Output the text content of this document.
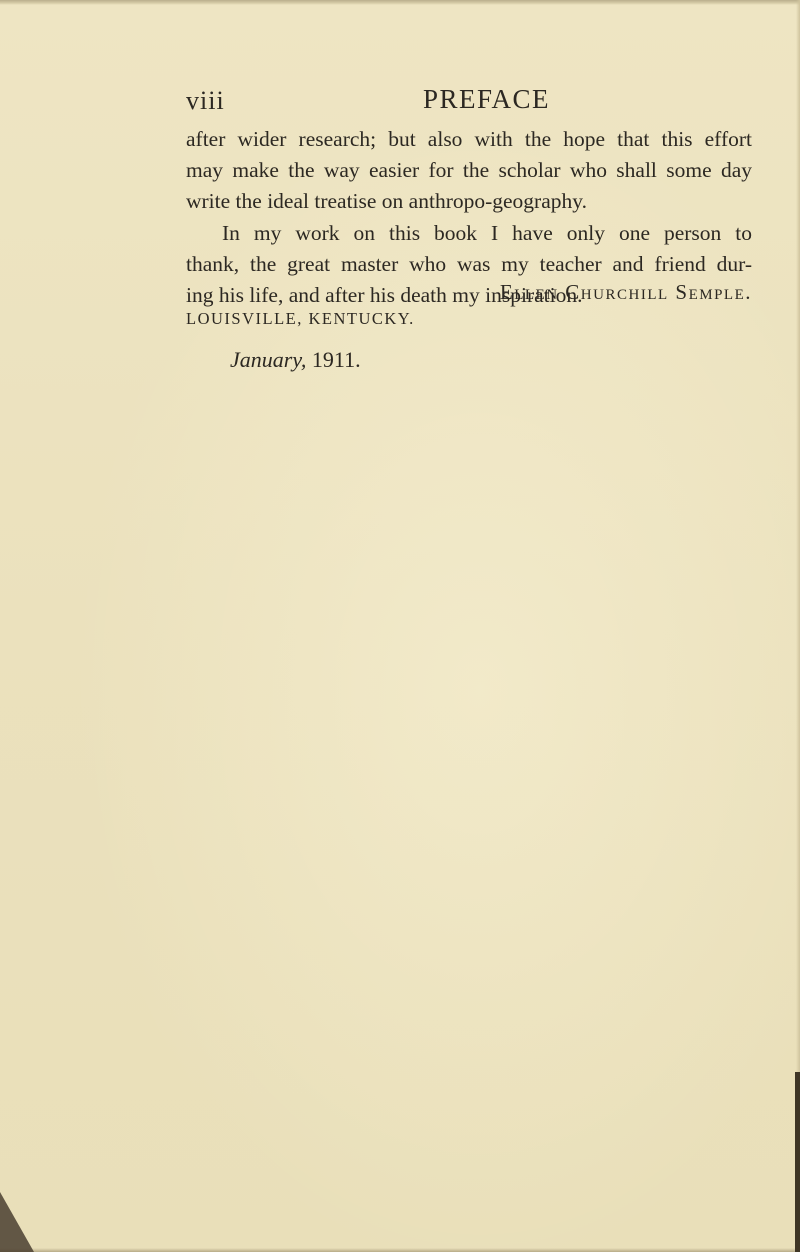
viii	PREFACE
after wider research; but also with the hope that this effort
may make the way easier for the scholar who shall some day
write the ideal treatise on anthropo-geography.
In my work on this book I have only one person to
thank, the great master who was my teacher and friend dur-
ing his life, and after his death my inspiration.
Ellen Churchill Semple.
LOUISVILLE, KENTUCKY.
January, 1911.
